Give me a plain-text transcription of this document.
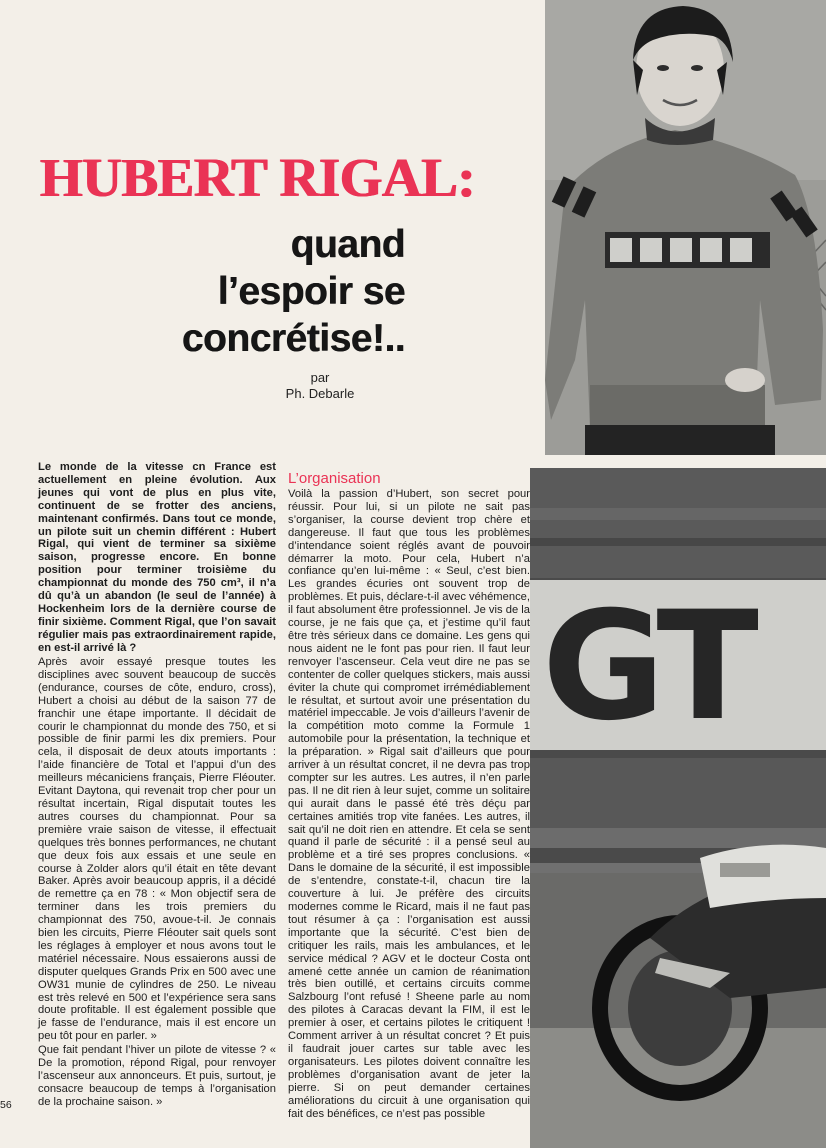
HUBERT RIGAL:
quand
l’espoir se
concrétise!..
par
Ph. Debarle

Le monde de la vitesse cn France est actuellement en pleine évolution. Aux jeunes qui vont de plus en plus vite, continuent de se frotter des anciens, maintenant confirmés. Dans tout ce monde, un pilote suit un chemin différent : Hubert Rigal, qui vient de terminer sa sixième saison, progresse encore. En bonne position pour terminer troisième du championnat du monde des 750 cm³, il n’a dû qu’à un abandon (le seul de l’année) à Hockenheim lors de la dernière course de finir sixième. Comment Rigal, que l’on savait régulier mais pas extraordinairement rapide, en est-il arrivé là ?

Après avoir essayé presque toutes les disciplines avec souvent beaucoup de succès (endurance, courses de côte, enduro, cross), Hubert a choisi au début de la saison 77 de franchir une étape importante. Il décidait de courir le championnat du monde des 750, et si possible de finir parmi les dix premiers. Pour cela, il disposait de deux atouts importants : l’aide financière de Total et l’appui d’un des meilleurs mécaniciens français, Pierre Fléouter. Evitant Daytona, qui revenait trop cher pour un résultat incertain, Rigal disputait toutes les autres courses du championnat. Pour sa première vraie saison de vitesse, il effectuait quelques très bonnes performances, ne chutant que deux fois aux essais et une seule en course à Zolder alors qu’il était en tête devant Baker. Après avoir beaucoup appris, il a décidé de remettre ça en 78 : « Mon objectif sera de terminer dans les trois premiers du championnat des 750, avoue-t-il. Je connais bien les circuits, Pierre Fléouter sait quels sont les réglages à employer et nous avons tout le matériel nécessaire. Nous essaierons aussi de disputer quelques Grands Prix en 500 avec une OW31 munie de cylindres de 250. Le niveau est très relevé en 500 et l’expérience sera sans doute profitable. Il est également possible que je fasse de l’endurance, mais il est encore un peu tôt pour en parler. »

Que fait pendant l’hiver un pilote de vitesse ? « De la promotion, répond Rigal, pour renvoyer l’ascenseur aux annonceurs. Et puis, surtout, je consacre beaucoup de temps à l’organisation de la prochaine saison. »

L’organisation

Voilà la passion d’Hubert, son secret pour réussir. Pour lui, si un pilote ne sait pas s’organiser, la course devient trop chère et dangereuse. Il faut que tous les problèmes d’intendance soient réglés avant de pouvoir démarrer la moto. Pour cela, Hubert n’a confiance qu’en lui-même : « Seul, c’est bien. Les grandes écuries ont souvent trop de problèmes. Et puis, déclare-t-il avec véhémence, il faut absolument être professionnel. Je vis de la course, je ne fais que ça, et j’estime qu’il faut être très sérieux dans ce domaine. Les gens qui nous aident ne le font pas pour rien. Il faut leur renvoyer l’ascenseur. Cela veut dire ne pas se contenter de coller quelques stickers, mais aussi éviter la chute qui compromet irrémédiablement le résultat, et surtout avoir une présentation du matériel impeccable. Je vois d’ailleurs l’avenir de la compétition moto comme la Formule 1 automobile pour la présentation, la technique et la préparation. » Rigal sait d’ailleurs que pour arriver à un résultat concret, il ne devra pas trop compter sur les autres. Les autres, il n’en parle pas. Il ne dit rien à leur sujet, comme un solitaire qui aurait dans le passé été très déçu par certaines amitiés trop vite fanées. Les autres, il sait qu’il ne doit rien en attendre. Et cela se sent quand il parle de sécurité : il a pensé seul au problème et a tiré ses propres conclusions. « Dans le domaine de la sécurité, il est impossible de s’entendre, constate-t-il, chacun tire la couverture à lui. Je préfère des circuits modernes comme le Ricard, mais il ne faut pas tout résumer à ça : l’organisation est aussi importante que la sécurité. C’est bien de critiquer les rails, mais les ambulances, et le service médical ? AGV et le docteur Costa ont amené cette année un camion de réanimation très bien outillé, et certains circuits comme Salzbourg l’ont refusé ! Sheene parle au nom des pilotes à Caracas devant la FIM, il est le premier à oser, et certains pilotes le critiquent ! Comment arriver à un résultat concret ? Et puis il faudrait jouer cartes sur table avec les organisateurs. Les pilotes doivent connaître les problèmes d’organisation avant de jeter la pierre. Si on peut demander certaines améliorations du circuit à une organisation qui fait des bénéfices, ce n’est pas possible

56
GT
